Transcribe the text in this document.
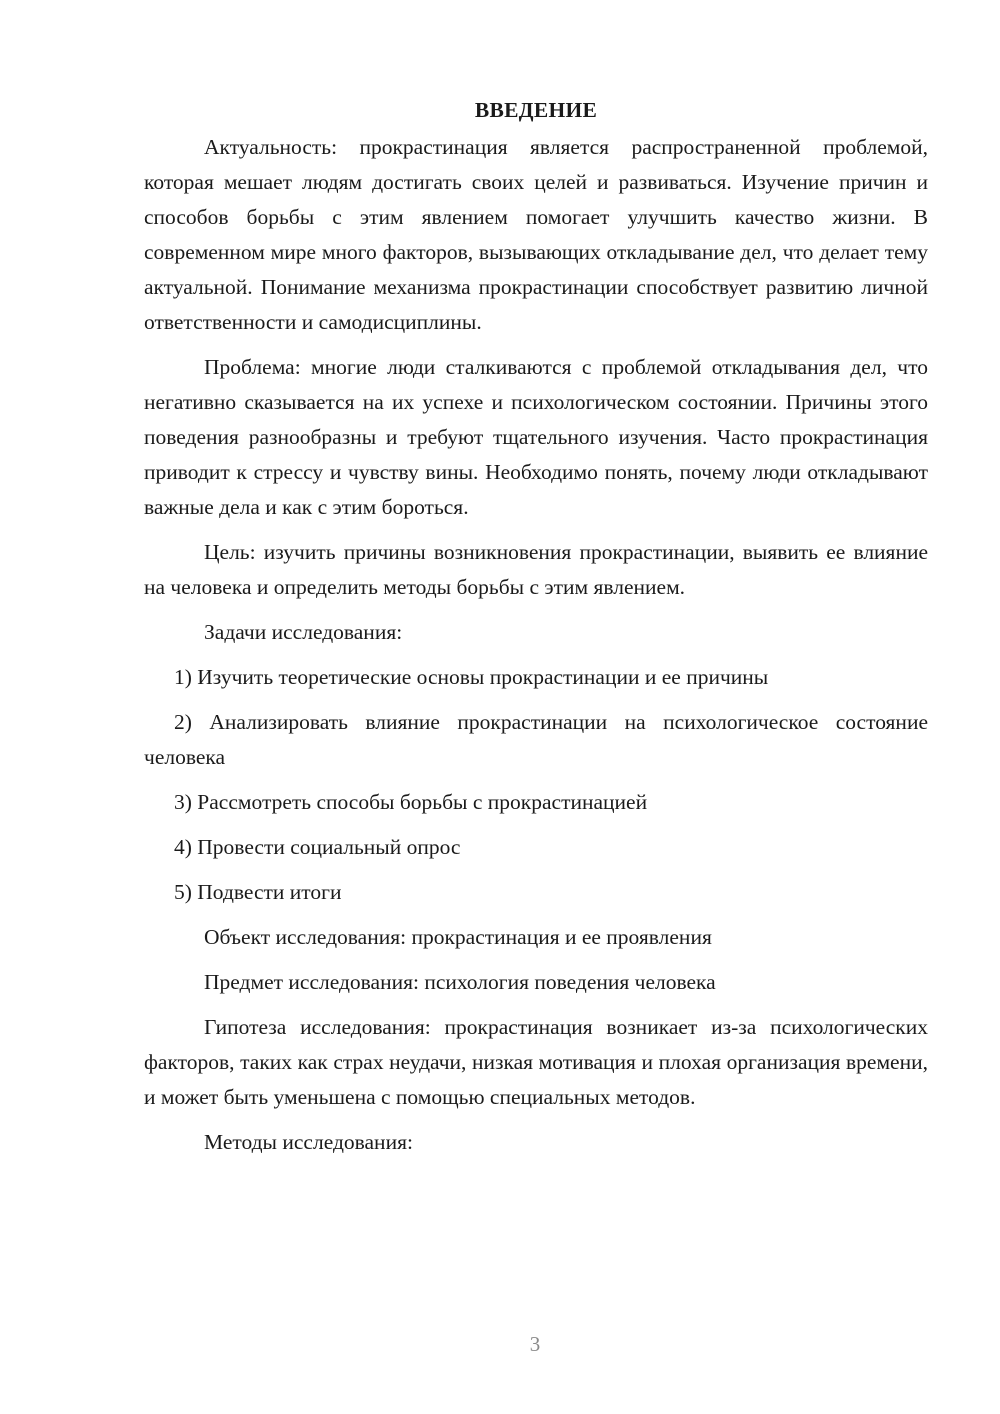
ВВЕДЕНИЕ

Актуальность: прокрастинация является распространенной проблемой, которая мешает людям достигать своих целей и развиваться. Изучение причин и способов борьбы с этим явлением помогает улучшить качество жизни. В современном мире много факторов, вызывающих откладывание дел, что делает тему актуальной. Понимание механизма прокрастинации способствует развитию личной ответственности и самодисциплины.

Проблема: многие люди сталкиваются с проблемой откладывания дел, что негативно сказывается на их успехе и психологическом состоянии. Причины этого поведения разнообразны и требуют тщательного изучения. Часто прокрастинация приводит к стрессу и чувству вины. Необходимо понять, почему люди откладывают важные дела и как с этим бороться.

Цель: изучить причины возникновения прокрастинации, выявить ее влияние на человека и определить методы борьбы с этим явлением.

Задачи исследования:

1) Изучить теоретические основы прокрастинации и ее причины

2) Анализировать влияние прокрастинации на психологическое состояние человека

3) Рассмотреть способы борьбы с прокрастинацией

4) Провести социальный опрос

5) Подвести итоги

Объект исследования: прокрастинация и ее проявления

Предмет исследования: психология поведения человека

Гипотеза исследования: прокрастинация возникает из-за психологических факторов, таких как страх неудачи, низкая мотивация и плохая организация времени, и может быть уменьшена с помощью специальных методов.

Методы исследования:

3
